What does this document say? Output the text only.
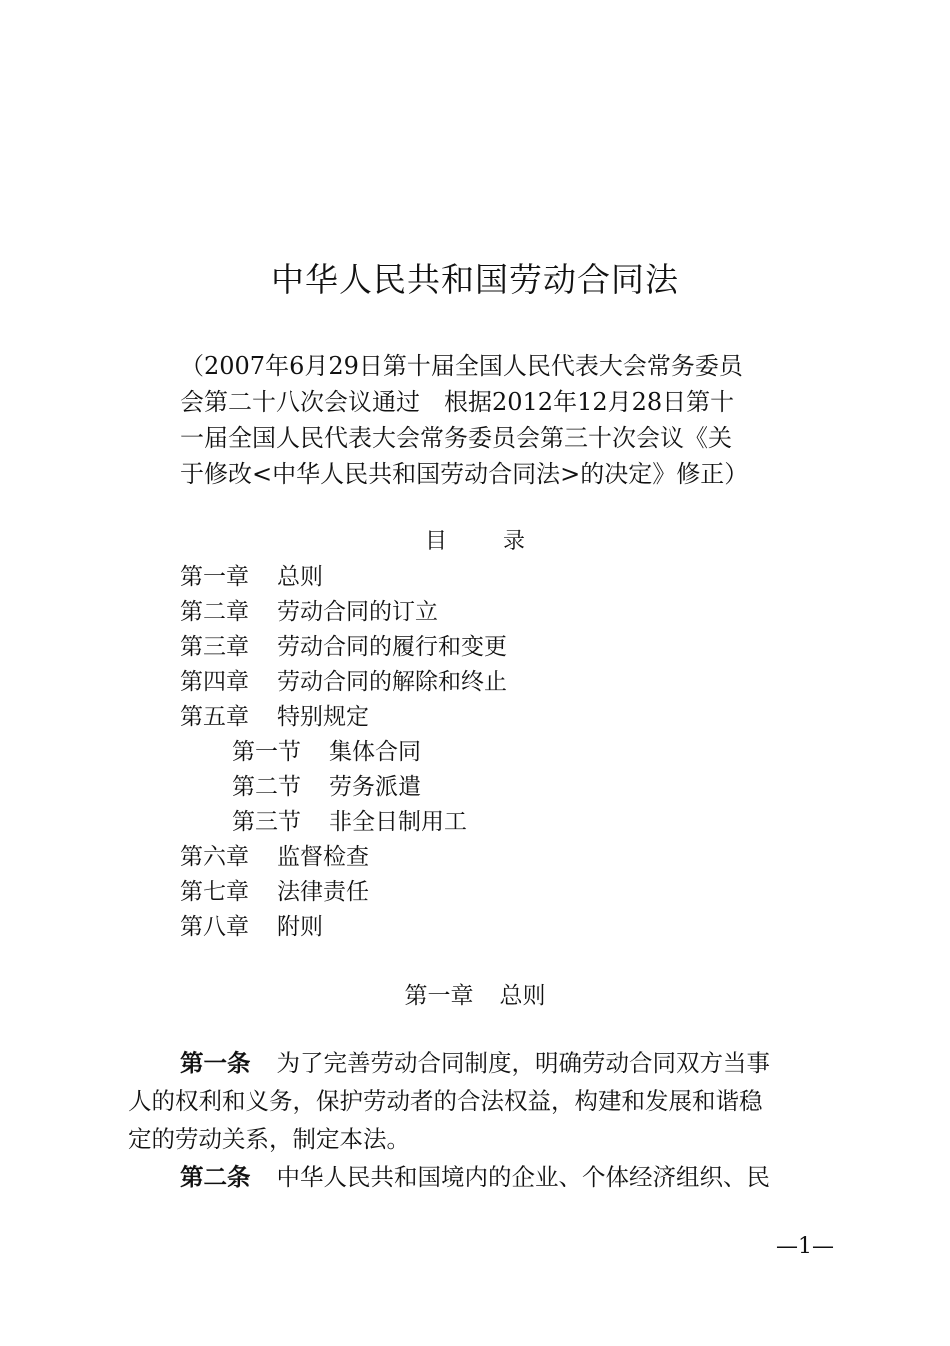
中华人民共和国劳动合同法
（2007年6月29日第十届全国人民代表大会常务委员
会第二十八次会议通过　根据2012年12月28日第十
一届全国人民代表大会常务委员会第三十次会议《关
于修改<中华人民共和国劳动合同法>的决定》修正）
目	录
第一章 总则
第二章 劳动合同的订立
第三章 劳动合同的履行和变更
第四章 劳动合同的解除和终止
第五章 特别规定
第一节 集体合同
第二节 劳务派遣
第三节 非全日制用工
第六章 监督检查
第七章 法律责任
第八章 附则
第一章 总则
第一条 为了完善劳动合同制度，明确劳动合同双方当事
人的权利和义务，保护劳动者的合法权益，构建和发展和谐稳
定的劳动关系，制定本法。
第二条 中华人民共和国境内的企业、个体经济组织、民
—1—
